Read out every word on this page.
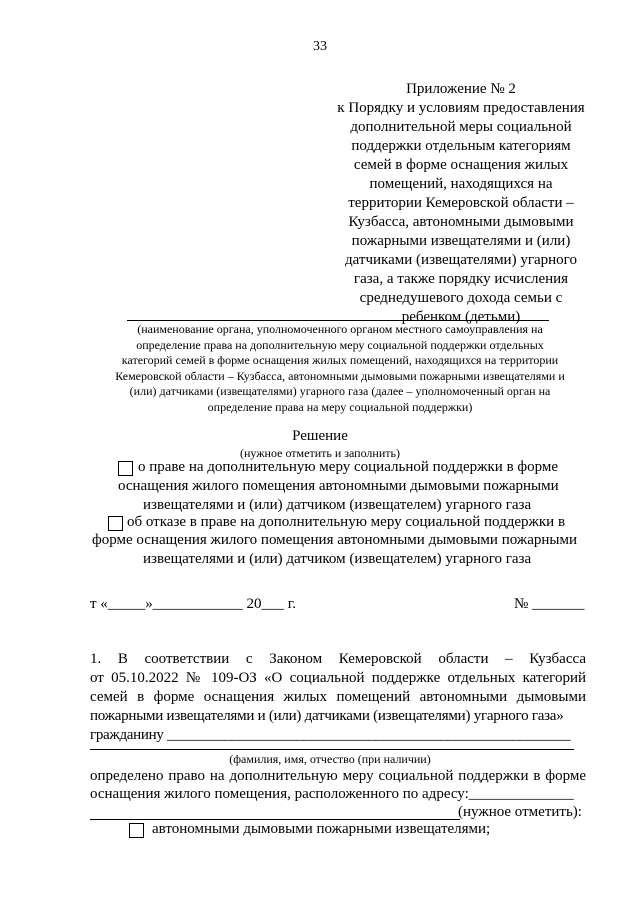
33
Приложение № 2
к Порядку и условиям предоставления
дополнительной меры социальной
поддержки отдельным категориям
семей в форме оснащения жилых
помещений, находящихся на
территории Кемеровской области –
Кузбасса, автономными дымовыми
пожарными извещателями и (или)
датчиками (извещателями) угарного
газа, а также порядку исчисления
среднедушевого дохода семьи с
ребенком (детьми)
(наименование органа, уполномоченного органом местного самоуправления на
определение права на дополнительную меру социальной поддержки отдельных
категорий семей в форме оснащения жилых помещений, находящихся на территории
Кемеровской области – Кузбасса, автономными дымовыми пожарными извещателями и
(или) датчиками (извещателями) угарного газа (далее – уполномоченный орган на
определение права на меру социальной поддержки)
Решение
(нужное отметить и заполнить)
о праве на дополнительную меру социальной поддержки в форме
оснащения жилого помещения автономными дымовыми пожарными
извещателями и (или) датчиком (извещателем) угарного газа
об отказе в праве на дополнительную меру социальной поддержки в
форме оснащения жилого помещения автономными дымовыми пожарными
извещателями и (или) датчиком (извещателем) угарного газа
т «_____»____________ 20___ г.	№ _______
1. В соответствии с Законом Кемеровской области – Кузбасса
от 05.10.2022 № 109-ОЗ «О социальной поддержке отдельных категорий
семей в форме оснащения жилых помещений автономными дымовыми
пожарными извещателями и (или) датчиками (извещателями) угарного газа»
гражданину ________________________________________________________
(фамилия, имя, отчество (при наличии)
определено право на дополнительную меру социальной поддержки в форме
оснащения жилого помещения, расположенного по адресу:______________
(нужное отметить):
автономными дымовыми пожарными извещателями;
